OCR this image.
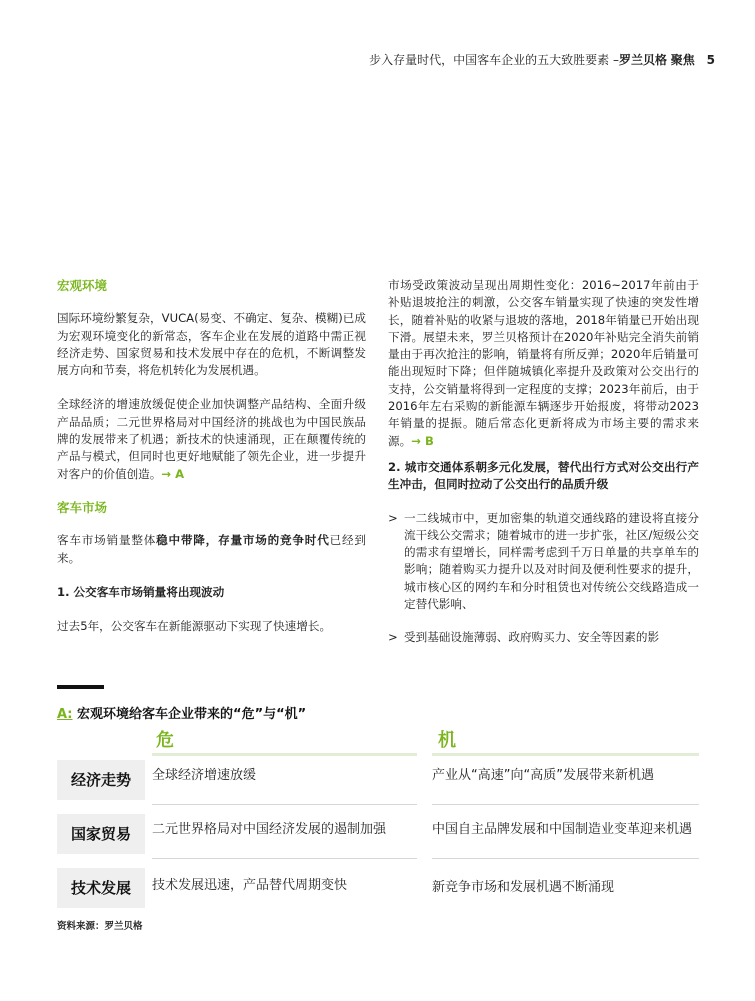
步入存量时代，中国客车企业的五大致胜要素 –罗兰贝格 聚焦 5

宏观环境

国际环境纷繁复杂，VUCA(易变、不确定、复杂、模糊)已成为宏观环境变化的新常态，客车企业在发展的道路中需正视经济走势、国家贸易和技术发展中存在的危机，不断调整发展方向和节奏，将危机转化为发展机遇。

全球经济的增速放缓促使企业加快调整产品结构、全面升级产品品质；二元世界格局对中国经济的挑战也为中国民族品牌的发展带来了机遇；新技术的快速涌现，正在颠覆传统的产品与模式，但同时也更好地赋能了领先企业，进一步提升对客户的价值创造。→ A

客车市场

客车市场销量整体稳中带降，存量市场的竞争时代已经到来。

1. 公交客车市场销量将出现波动

过去5年，公交客车在新能源驱动下实现了快速增长。

市场受政策波动呈现出周期性变化：2016~2017年前由于补贴退坡抢注的刺激，公交客车销量实现了快速的突发性增长，随着补贴的收紧与退坡的落地，2018年销量已开始出现下滑。展望未来，罗兰贝格预计在2020年补贴完全消失前销量由于再次抢注的影响，销量将有所反弹；2020年后销量可能出现短时下降；但伴随城镇化率提升及政策对公交出行的支持，公交销量将得到一定程度的支撑；2023年前后，由于2016年左右采购的新能源车辆逐步开始报废，将带动2023年销量的提振。随后常态化更新将成为市场主要的需求来源。→ B

2. 城市交通体系朝多元化发展，替代出行方式对公交出行产生冲击，但同时拉动了公交出行的品质升级

> 一二线城市中，更加密集的轨道交通线路的建设将直接分流干线公交需求；随着城市的进一步扩张，社区/短级公交的需求有望增长，同样需考虑到千万日单量的共享单车的影响；随着购买力提升以及对时间及便利性要求的提升，城市核心区的网约车和分时租赁也对传统公交线路造成一定替代影响、

> 受到基础设施薄弱、政府购买力、安全等因素的影

A: 宏观环境给客车企业带来的“危”与“机”
危	机
经济走势	全球经济增速放缓	产业从“高速”向“高质”发展带来新机遇
国家贸易	二元世界格局对中国经济发展的遏制加强	中国自主品牌发展和中国制造业变革迎来机遇
技术发展	技术发展迅速，产品替代周期变快	新竞争市场和发展机遇不断涌现
资料来源：罗兰贝格
